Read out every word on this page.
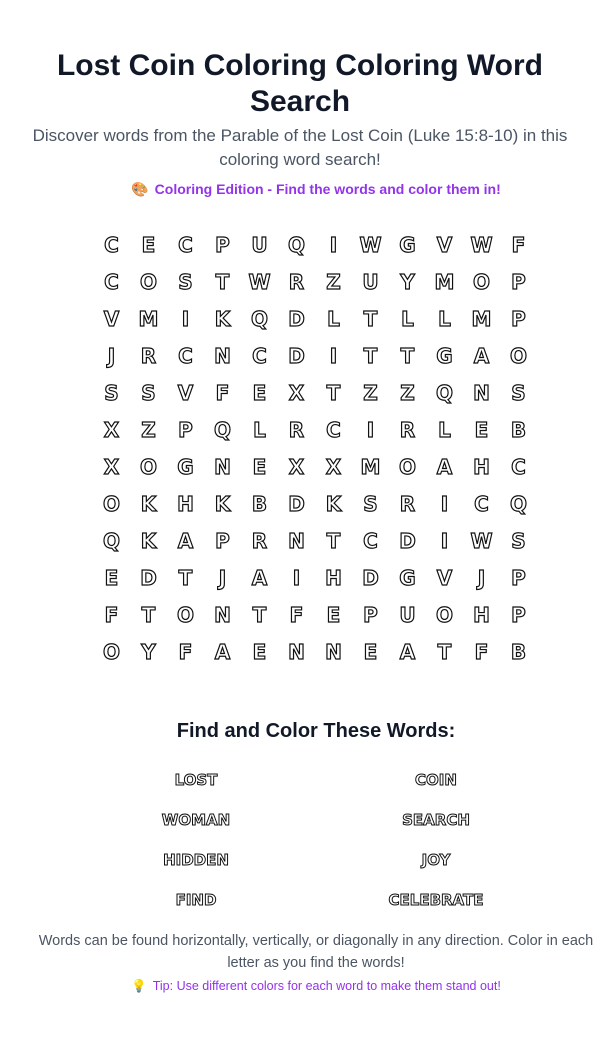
Lost Coin Coloring Coloring Word Search

Discover words from the Parable of the Lost Coin (Luke 15:8-10) in this coloring word search!

🎨 Coloring Edition - Find the words and color them in!
C	E	C	P	U	Q	I	W G	V W F
C	O	S	T W R	Z	U	Y M O	P
V M	I	K	Q	D	L	T	L	L	M P
J	R	C	N	C	D	I	T	T	G	A	O
S	S	V	F	E	X	T	Z	Z	Q	N	S
X	Z	P	Q	L	R	C	I	R	L	E	B
X	O	G	N	E	X	X M O	A	H	C
O	K	H	K	B	D	K	S	R	I	C	Q
Q	K	A	P	R	N	T	C	D	I	W S
E	D	T	J	A	I	H	D	G	V	J	P
F	T	O	N	T	F	E	P	U	O	H	P
O	Y	F	A	E	N	N	E	A	T	F	B
Find and Color These Words:
LOST	COIN
WOMAN	SEARCH
HIDDEN	JOY
FIND	CELEBRATE

Words can be found horizontally, vertically, or diagonally in any direction. Color in each letter as you find the words!

💡 Tip: Use different colors for each word to make them stand out!
